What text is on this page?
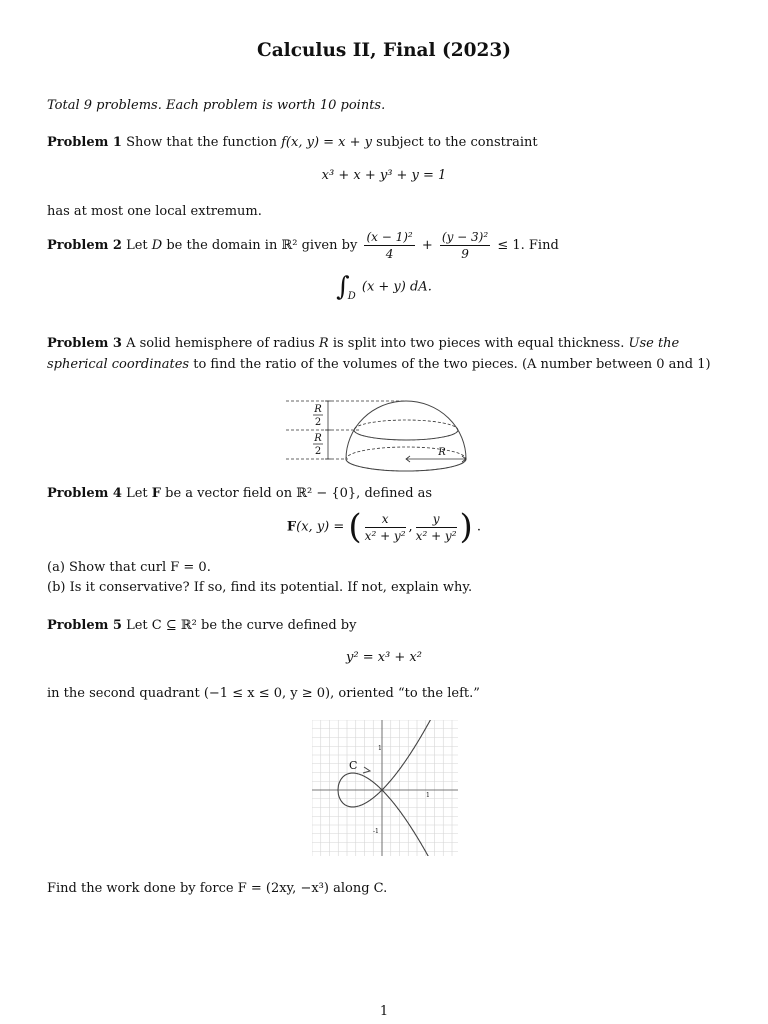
Calculus II, Final (2023)
Total 9 problems. Each problem is worth 10 points.
Problem 1 Show that the function f(x, y) = x + y subject to the constraint
x³ + x + y³ + y = 1
has at most one local extremum.
Problem 2 Let D be the domain in ℝ² given by $\frac{\text{(x − 1)²}}{4} + \frac{\text{(y − 3)²}}{9} \le 1$. Find
$\int_D$ (x + y) dA.
Problem 3 A solid hemisphere of radius R is split into two pieces with equal thickness. Use the spherical coordinates to find the ratio of the volumes of the two pieces. (A number between 0 and 1)
R
2
R
2	R
Problem 4 Let F be a vector field on ℝ² − {0}, defined as
F(x, y) = ( $\frac{x}{\text{x² + y²}}$ , $\frac{y}{\text{x² + y²}}$ ) .
(a) Show that curl F = 0.
(b) Is it conservative? If so, find its potential. If not, explain why.
Problem 5 Let C ⊆ ℝ² be the curve defined by
y² = x³ + x²
in the second quadrant (−1 ≤ x ≤ 0, y ≥ 0), oriented “to the left.”
C
1
-1
1
Find the work done by force F = (2xy, −x³) along C.
1
